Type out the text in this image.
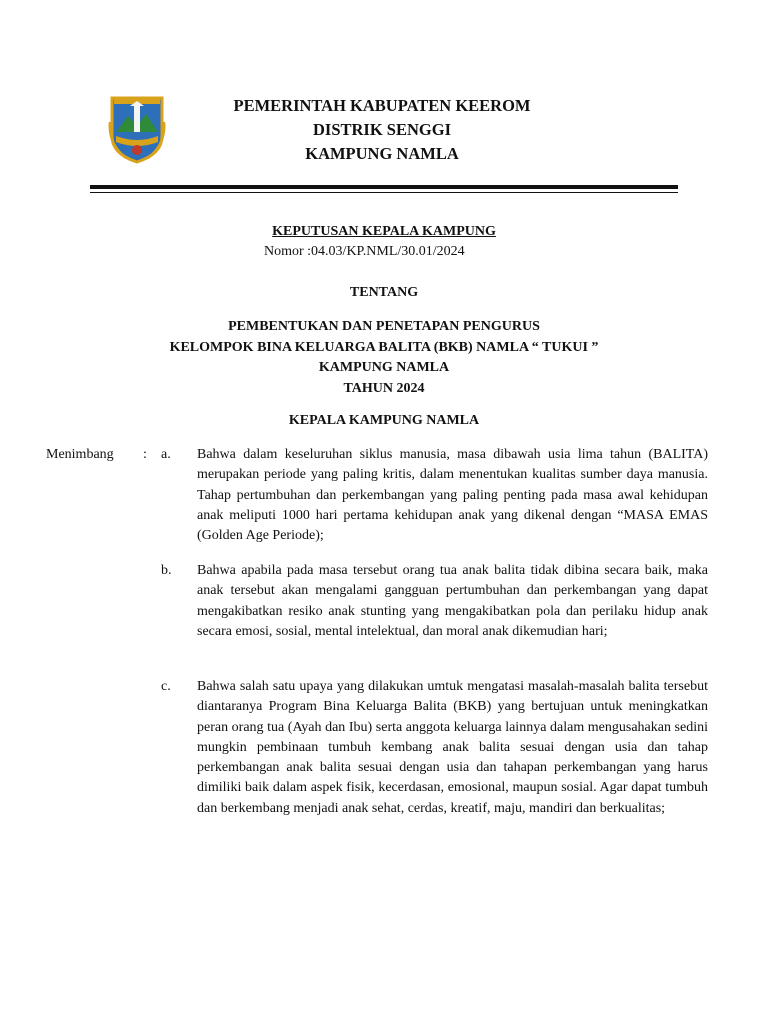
PEMERINTAH KABUPATEN KEEROM
DISTRIK SENGGI
KAMPUNG NAMLA
KEPUTUSAN KEPALA KAMPUNG
Nomor :04.03/KP.NML/30.01/2024
TENTANG
PEMBENTUKAN DAN PENETAPAN PENGURUS
KELOMPOK BINA KELUARGA BALITA (BKB) NAMLA “ TUKUI ”
KAMPUNG NAMLA
TAHUN 2024
KEPALA KAMPUNG NAMLA
Menimbang : a. Bahwa dalam keseluruhan siklus manusia, masa dibawah usia lima tahun (BALITA) merupakan periode yang paling kritis, dalam menentukan kualitas sumber daya manusia. Tahap pertumbuhan dan perkembangan yang paling penting pada masa awal kehidupan anak meliputi 1000 hari pertama kehidupan anak yang dikenal dengan “MASA EMAS (Golden Age Periode);
b. Bahwa apabila pada masa tersebut orang tua anak balita tidak dibina secara baik, maka anak tersebut akan mengalami gangguan pertumbuhan dan perkembangan yang dapat mengakibatkan resiko anak stunting yang mengakibatkan pola dan perilaku hidup anak secara emosi, sosial, mental intelektual, dan moral anak dikemudian hari;
c. Bahwa salah satu upaya yang dilakukan umtuk mengatasi masalah-masalah balita tersebut diantaranya Program Bina Keluarga Balita (BKB) yang bertujuan untuk meningkatkan peran orang tua (Ayah dan Ibu) serta anggota keluarga lainnya dalam mengusahakan sedini mungkin pembinaan tumbuh kembang anak balita sesuai dengan usia dan tahap perkembangan anak balita sesuai dengan usia dan tahapan perkembangan yang harus dimiliki baik dalam aspek fisik, kecerdasan, emosional, maupun sosial. Agar dapat tumbuh dan berkembang menjadi anak sehat, cerdas, kreatif, maju, mandiri dan berkualitas;
